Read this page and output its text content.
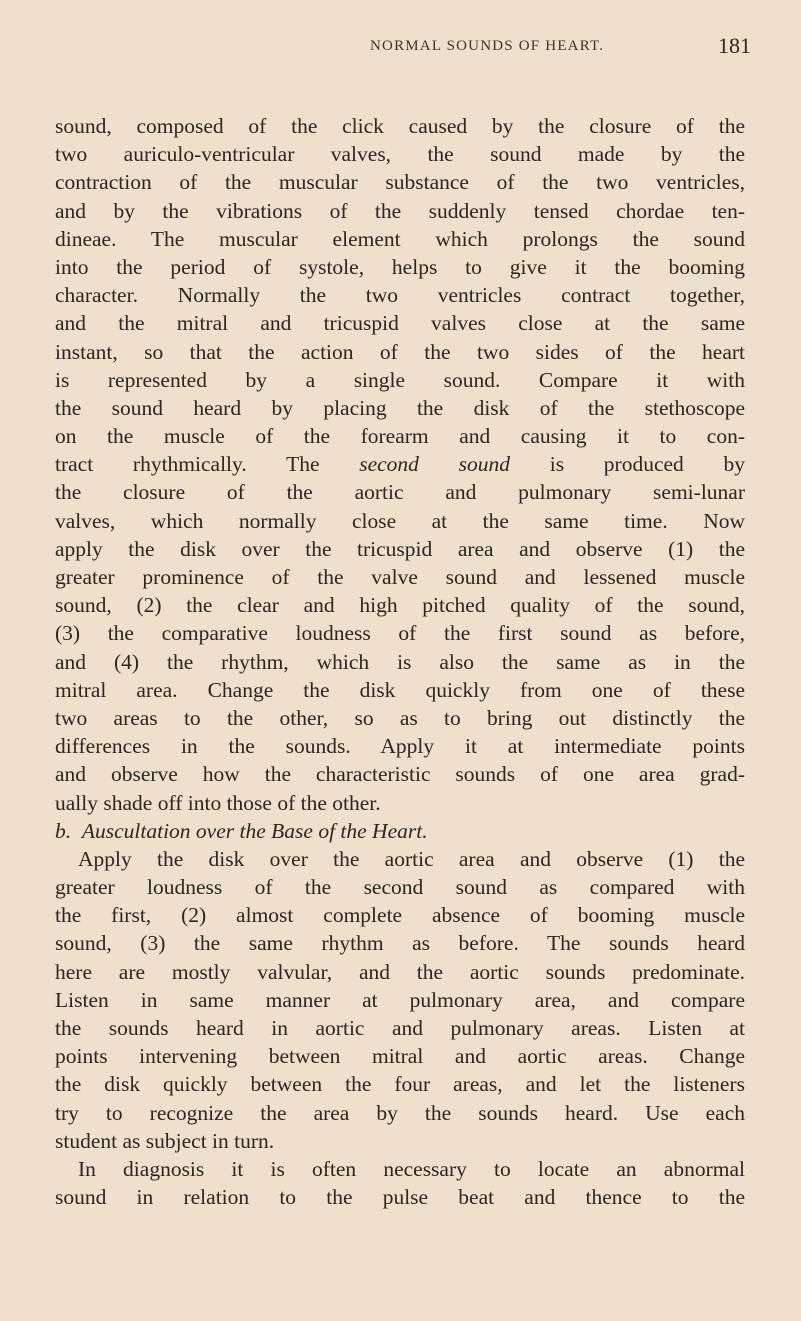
NORMAL SOUNDS OF HEART.	181
sound, composed of the click caused by the closure of the
two auriculo-ventricular valves, the sound made by the
contraction of the muscular substance of the two ventricles,
and by the vibrations of the suddenly tensed chordae ten-
dineae. The muscular element which prolongs the sound
into the period of systole, helps to give it the booming
character. Normally the two ventricles contract together,
and the mitral and tricuspid valves close at the same
instant, so that the action of the two sides of the heart
is represented by a single sound. Compare it with
the sound heard by placing the disk of the stethoscope
on the muscle of the forearm and causing it to con-
tract rhythmically. The second sound is produced by
the closure of the aortic and pulmonary semi-lunar
valves, which normally close at the same time. Now
apply the disk over the tricuspid area and observe (1) the
greater prominence of the valve sound and lessened muscle
sound, (2) the clear and high pitched quality of the sound,
(3) the comparative loudness of the first sound as before,
and (4) the rhythm, which is also the same as in the
mitral area. Change the disk quickly from one of these
two areas to the other, so as to bring out distinctly the
differences in the sounds. Apply it at intermediate points
and observe how the characteristic sounds of one area grad-
ually shade off into those of the other.
b. Auscultation over the Base of the Heart.
Apply the disk over the aortic area and observe (1) the
greater loudness of the second sound as compared with
the first, (2) almost complete absence of booming muscle
sound, (3) the same rhythm as before. The sounds heard
here are mostly valvular, and the aortic sounds predominate.
Listen in same manner at pulmonary area, and compare
the sounds heard in aortic and pulmonary areas. Listen at
points intervening between mitral and aortic areas. Change
the disk quickly between the four areas, and let the listeners
try to recognize the area by the sounds heard. Use each
student as subject in turn.
In diagnosis it is often necessary to locate an abnormal
sound in relation to the pulse beat and thence to the
